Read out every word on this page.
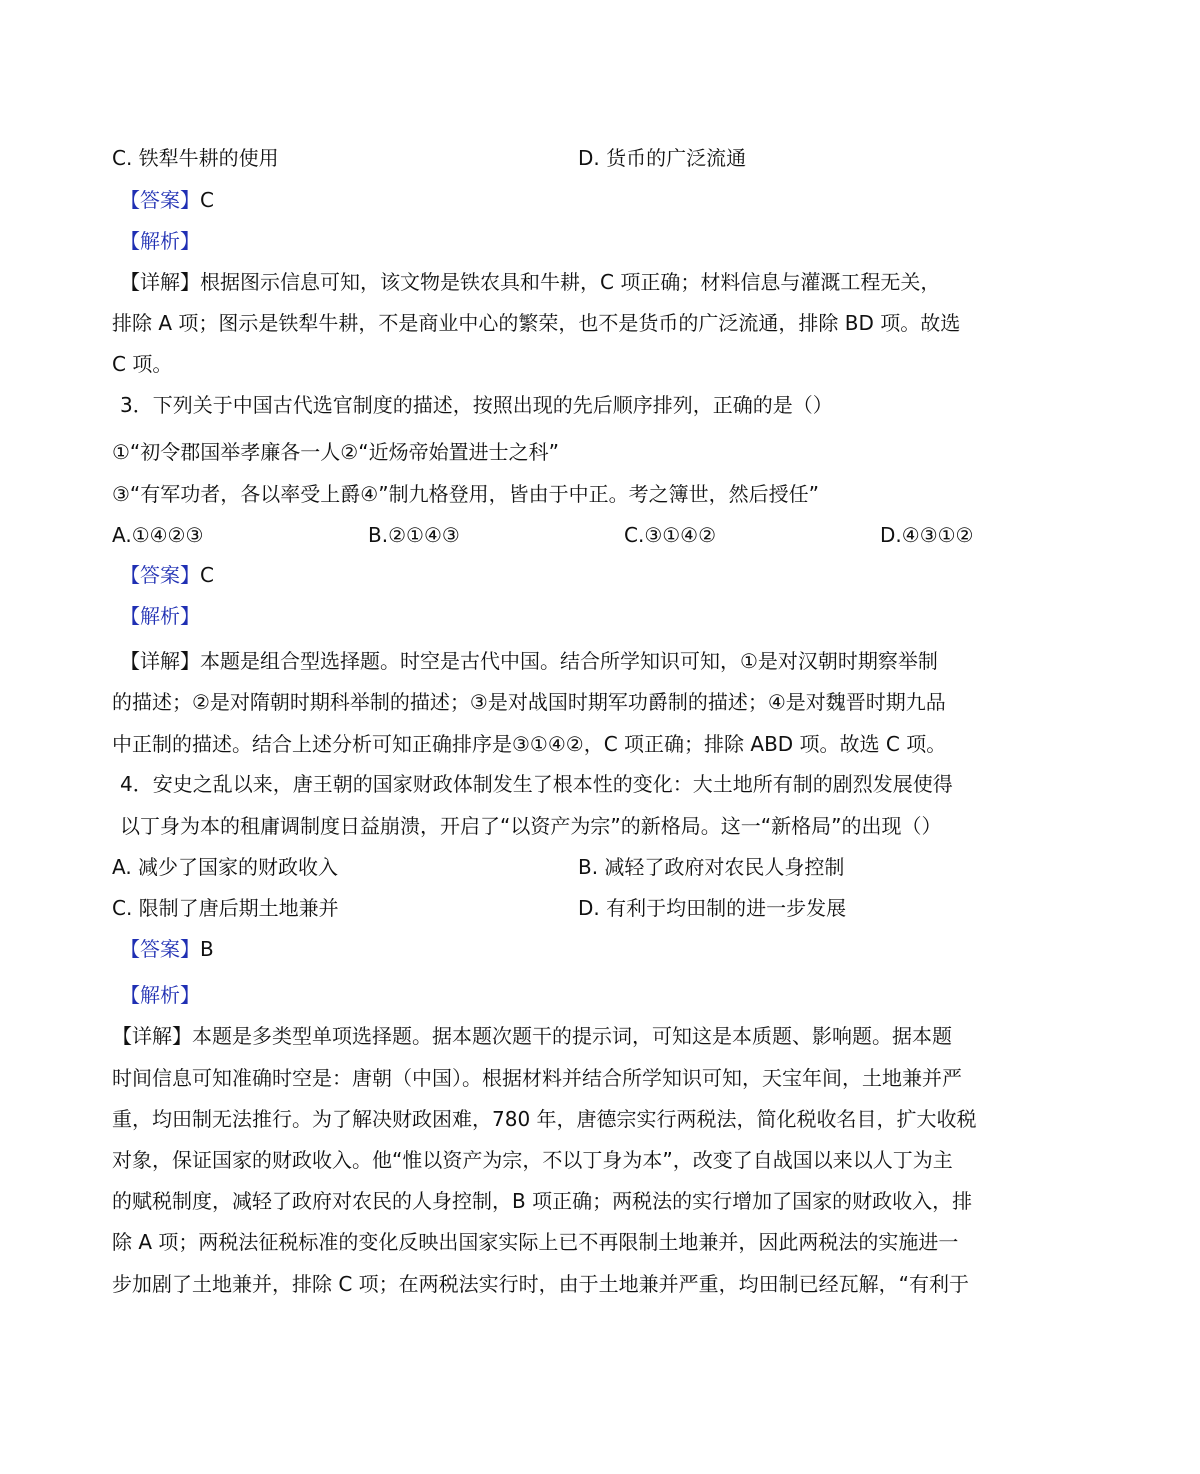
C. 铁犁牛耕的使用	D. 货币的广泛流通
【答案】C
【解析】
【详解】根据图示信息可知，该文物是铁农具和牛耕，C 项正确；材料信息与灌溉工程无关，
排除 A 项；图示是铁犁牛耕，不是商业中心的繁荣，也不是货币的广泛流通，排除 BD 项。故选
C 项。
3．下列关于中国古代选官制度的描述，按照出现的先后顺序排列，正确的是（）
①“初令郡国举孝廉各一人②“近炀帝始置进士之科”
③“有军功者，各以率受上爵④”制九格登用，皆由于中正。考之簿世，然后授任”
A.①④②③	B.②①④③	C.③①④②	D.④③①②
【答案】C
【解析】
【详解】本题是组合型选择题。时空是古代中国。结合所学知识可知，①是对汉朝时期察举制
的描述；②是对隋朝时期科举制的描述；③是对战国时期军功爵制的描述；④是对魏晋时期九品
中正制的描述。结合上述分析可知正确排序是③①④②，C 项正确；排除 ABD 项。故选 C 项。
4．安史之乱以来，唐王朝的国家财政体制发生了根本性的变化：大土地所有制的剧烈发展使得
以丁身为本的租庸调制度日益崩溃，开启了“以资产为宗”的新格局。这一“新格局”的出现（）
A. 减少了国家的财政收入	B. 减轻了政府对农民人身控制
C. 限制了唐后期土地兼并	D. 有利于均田制的进一步发展
【答案】B
【解析】
【详解】本题是多类型单项选择题。据本题次题干的提示词，可知这是本质题、影响题。据本题
时间信息可知准确时空是：唐朝（中国）。根据材料并结合所学知识可知，天宝年间，土地兼并严
重，均田制无法推行。为了解决财政困难，780 年，唐德宗实行两税法，简化税收名目，扩大收税
对象，保证国家的财政收入。他“惟以资产为宗，不以丁身为本”，改变了自战国以来以人丁为主
的赋税制度，减轻了政府对农民的人身控制，B 项正确；两税法的实行增加了国家的财政收入，排
除 A 项；两税法征税标准的变化反映出国家实际上已不再限制土地兼并，因此两税法的实施进一
步加剧了土地兼并，排除 C 项；在两税法实行时，由于土地兼并严重，均田制已经瓦解，“有利于
